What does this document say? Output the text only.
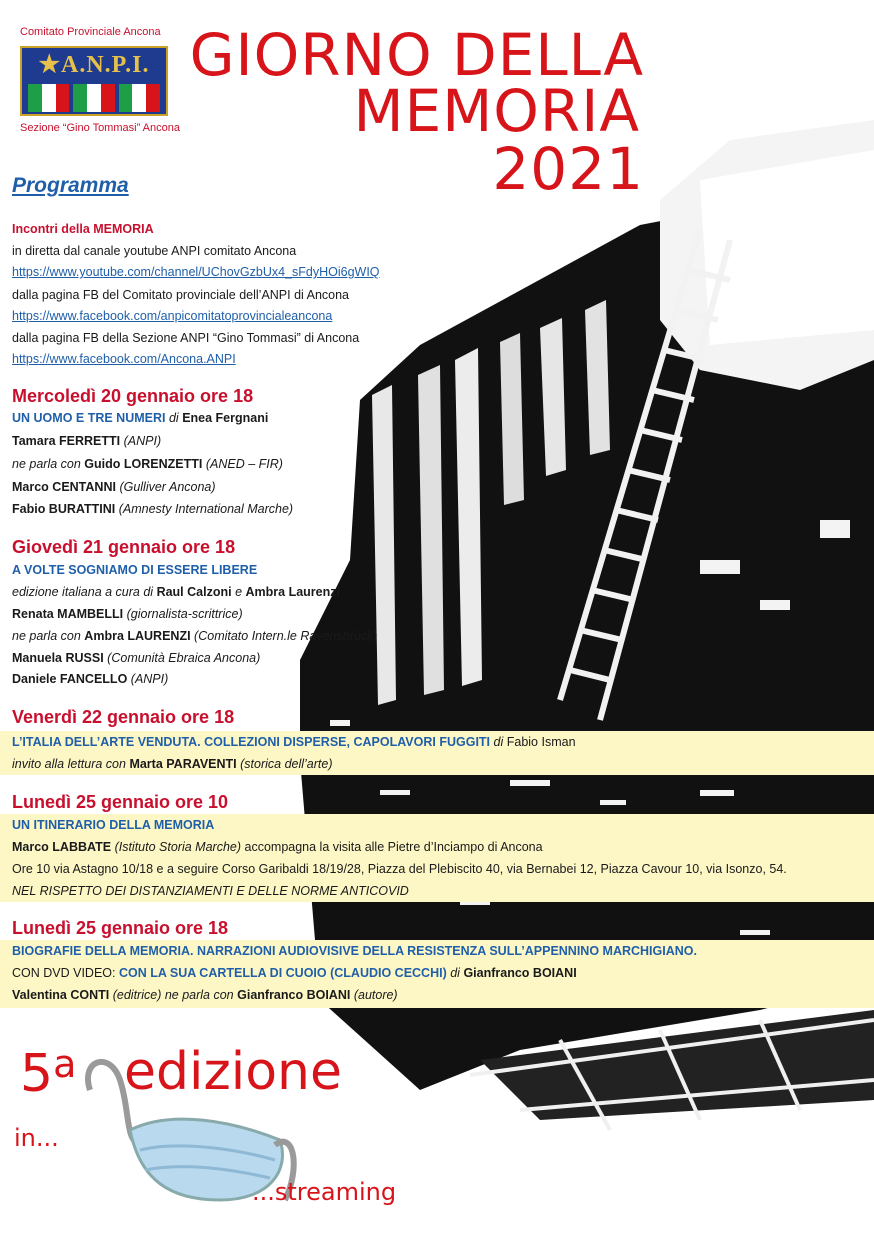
Comitato Provinciale Ancona
★A.N.P.I.
Sezione “Gino Tommasi” Ancona
GIORNO DELLA
MEMORIA
2021
Programma
Incontri della MEMORIA
in diretta dal canale youtube ANPI comitato Ancona
https://www.youtube.com/channel/UChovGzbUx4_sFdyHOi6gWIQ
dalla pagina FB del Comitato provinciale dell’ANPI di Ancona
https://www.facebook.com/anpicomitatoprovincialeancona
dalla pagina FB della Sezione ANPI “Gino Tommasi” di Ancona
https://www.facebook.com/Ancona.ANPI
Mercoledì 20 gennaio ore 18
UN UOMO E TRE NUMERI di Enea Fergnani
Tamara FERRETTI (ANPI)
ne parla con Guido LORENZETTI (ANED – FIR)
Marco CENTANNI (Gulliver Ancona)
Fabio BURATTINI (Amnesty International Marche)
Giovedì 21 gennaio ore 18
A VOLTE SOGNIAMO DI ESSERE LIBERE
edizione italiana a cura di Raul Calzoni e Ambra Laurenzi
Renata MAMBELLI (giornalista-scrittrice)
ne parla con Ambra LAURENZI (Comitato Intern.le Ravensbrück)
Manuela RUSSI (Comunità Ebraica Ancona)
Daniele FANCELLO (ANPI)
Venerdì 22 gennaio ore 18
L’ITALIA DELL’ARTE VENDUTA. COLLEZIONI DISPERSE, CAPOLAVORI FUGGITI di Fabio Isman
invito alla lettura con Marta PARAVENTI (storica dell’arte)
Lunedì 25 gennaio ore 10
UN ITINERARIO DELLA MEMORIA
Marco LABBATE (Istituto Storia Marche) accompagna la visita alle Pietre d’Inciampo di Ancona
Ore 10 via Astagno 10/18 e a seguire Corso Garibaldi 18/19/28, Piazza del Plebiscito 40, via Bernabei 12, Piazza Cavour 10, via Isonzo, 54.
NEL RISPETTO DEI DISTANZIAMENTI E DELLE NORME ANTICOVID
Lunedì 25 gennaio ore 18
BIOGRAFIE DELLA MEMORIA. NARRAZIONI AUDIOVISIVE DELLA RESISTENZA SULL’APPENNINO MARCHIGIANO.
CON DVD VIDEO: CON LA SUA CARTELLA DI CUOIO (CLAUDIO CECCHI) di Gianfranco BOIANI
Valentina CONTI (editrice) ne parla con Gianfranco BOIANI (autore)
5$^a$ edizione
in...
...streaming
